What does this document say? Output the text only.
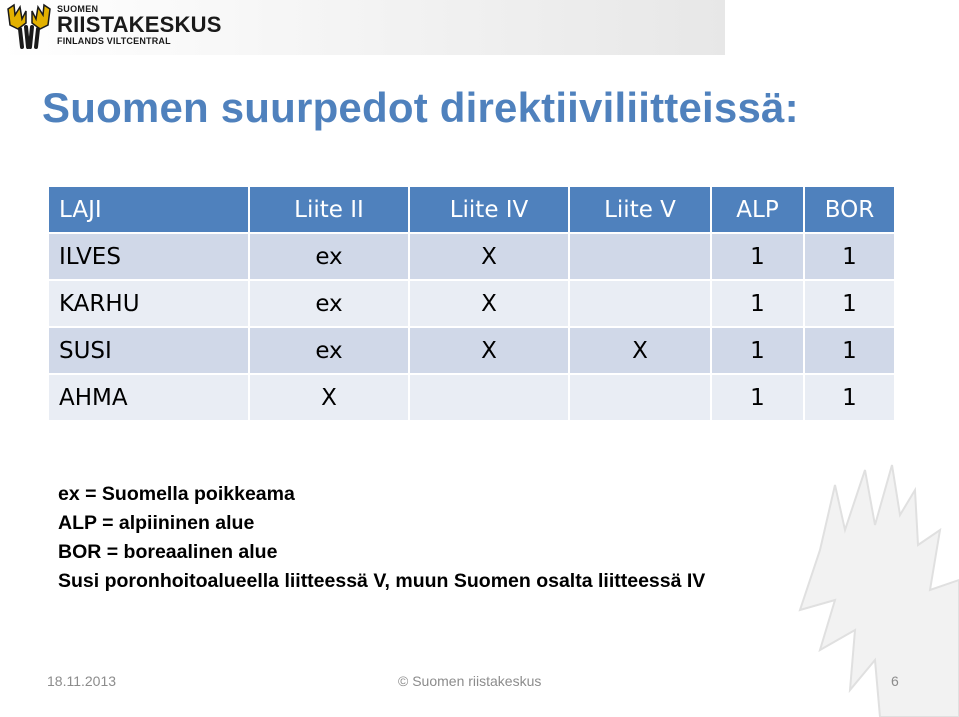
SUOMEN
RIISTAKESKUS
FINLANDS VILTCENTRAL
Suomen suurpedot direktiiviliitteissä:
LAJI	Liite II	Liite IV	Liite V	ALP	BOR
ILVES	ex	X		1	1
KARHU	ex	X		1	1
SUSI	ex	X	X	1	1
AHMA	X			1	1
ex = Suomella poikkeama
ALP = alpiininen alue
BOR = boreaalinen alue
Susi poronhoitoalueella liitteessä V, muun Suomen osalta liitteessä IV
18.11.2013	© Suomen riistakeskus	6
